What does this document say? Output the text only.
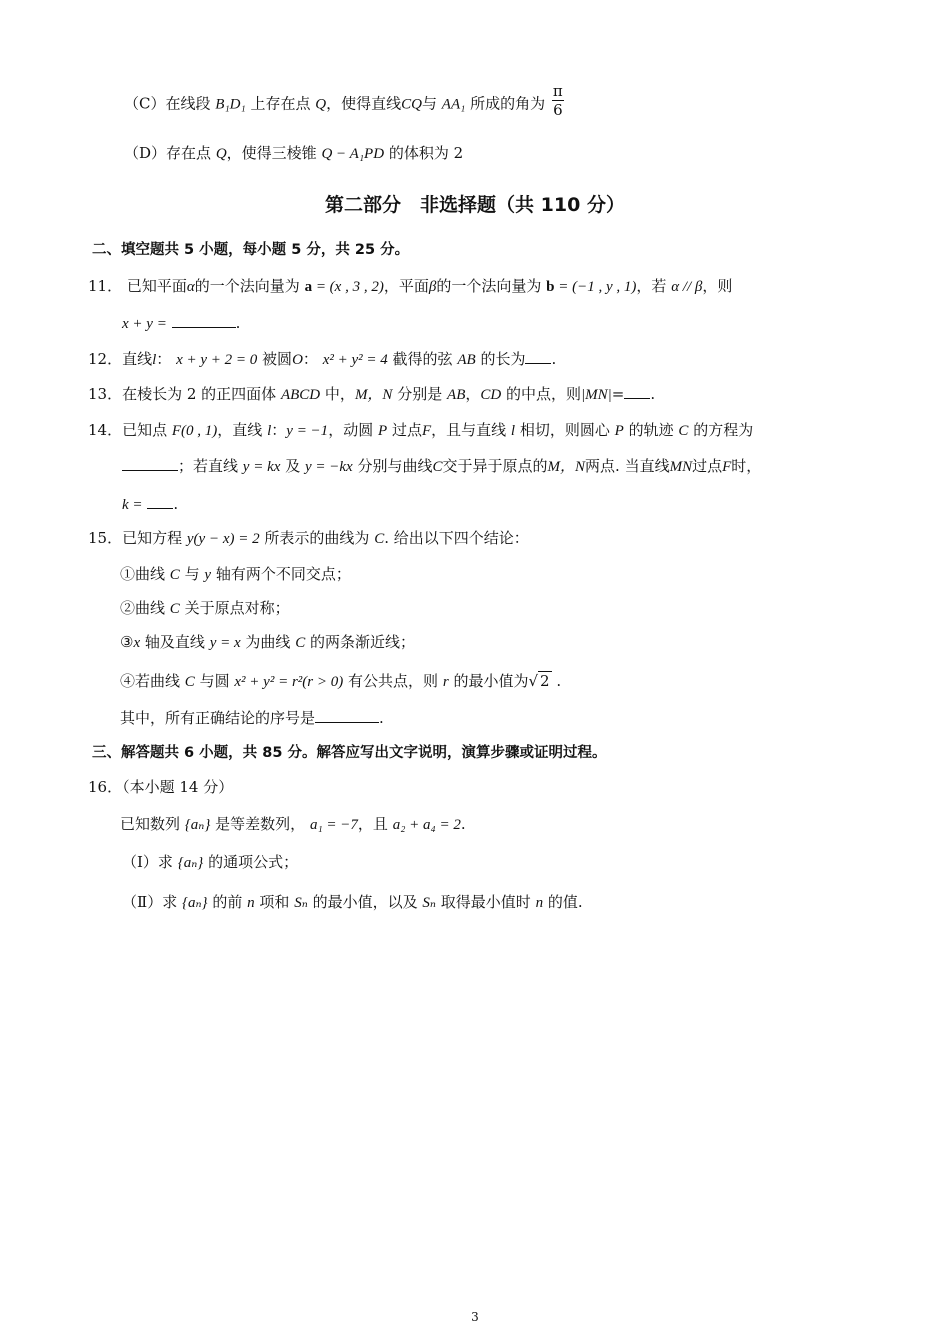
（C）在线段 B₁D₁ 上存在点 Q，使得直线CQ与 AA₁ 所成的角为 $\frac{\pi}{6}$
（D）存在点 Q，使得三棱锥 Q − A₁PD 的体积为 2
第二部分　非选择题（共 110 分）
二、填空题共 5 小题，每小题 5 分，共 25 分。
11． 已知平面α的一个法向量为 a = (x , 3 , 2)，平面β的一个法向量为 b = (−1 , y , 1)，若 α // β，则
x + y =	.
12．直线l： x + y + 2 = 0 被圆O： x² + y² = 4 截得的弦 AB 的长为 .
13．在棱长为 2 的正四面体 ABCD 中，M，N 分别是 AB，CD 的中点，则|MN|= .
14．已知点 F(0 , 1)，直线 l：y = −1，动圆 P 过点F，且与直线 l 相切，则圆心 P 的轨迹 C 的方程为
；若直线 y = kx 及 y = −kx 分别与曲线C交于异于原点的M，N两点. 当直线MN过点F时，
k = .
15．已知方程 y(y − x) = 2 所表示的曲线为 C. 给出以下四个结论：
①曲线 C 与 y 轴有两个不同交点；
②曲线 C 关于原点对称；
③x 轴及直线 y = x 为曲线 C 的两条渐近线；
④若曲线 C 与圆 x² + y² = r²(r > 0) 有公共点，则 r 的最小值为√ 2 .
其中，所有正确结论的序号是	.
三、解答题共 6 小题，共 85 分。解答应写出文字说明，演算步骤或证明过程。
16．（本小题 14 分）
已知数列 {aₙ} 是等差数列， a₁ = −7，且 a₂ + a₄ = 2.
（Ⅰ）求 {aₙ} 的通项公式；
（Ⅱ）求 {aₙ} 的前 n 项和 Sₙ 的最小值，以及 Sₙ 取得最小值时 n 的值.
3
